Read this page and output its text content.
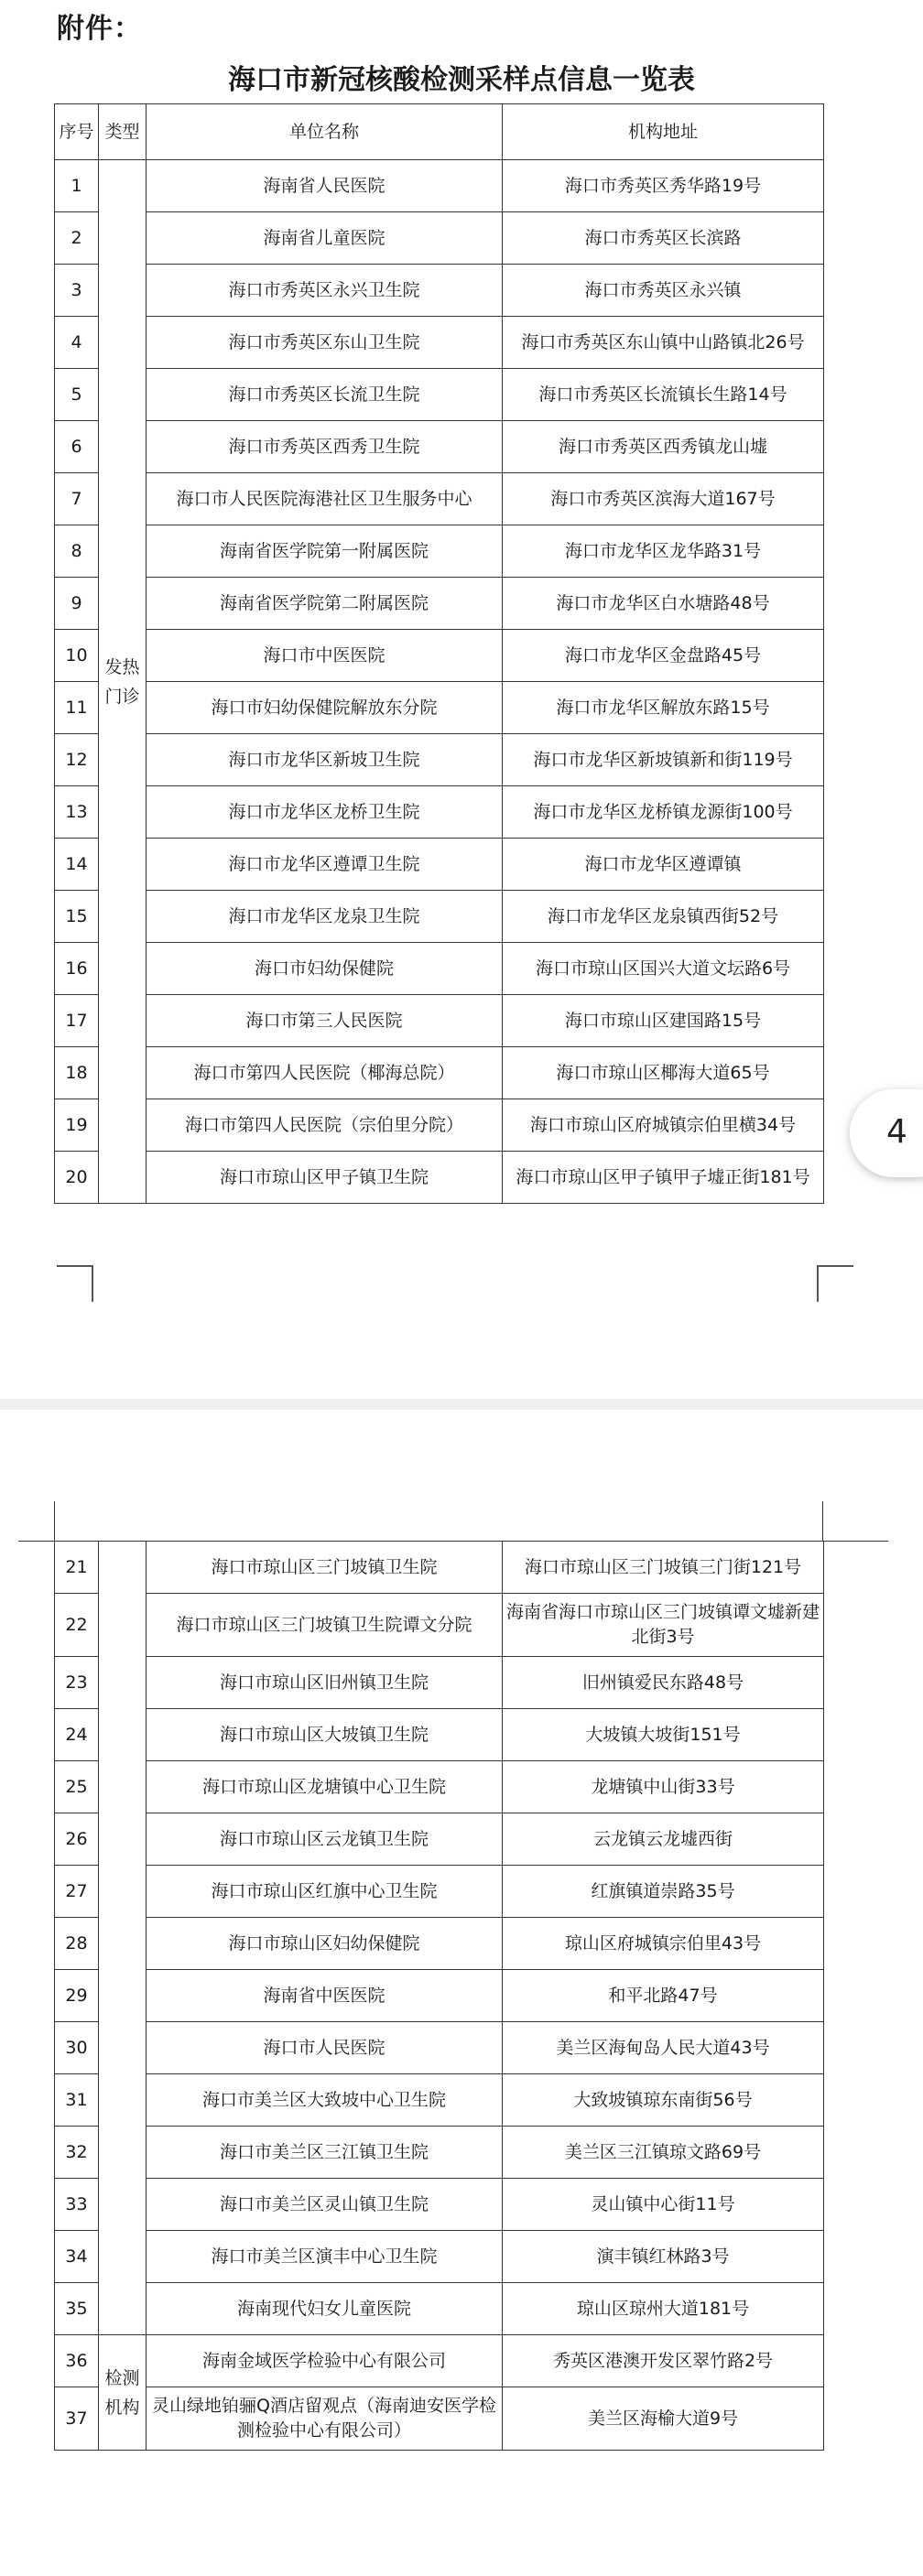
附件：
海口市新冠核酸检测采样点信息一览表
序号	类型	单位名称	机构地址
1	发热门诊	海南省人民医院	海口市秀英区秀华路19号
2		海南省儿童医院	海口市秀英区长滨路
3		海口市秀英区永兴卫生院	海口市秀英区永兴镇
4		海口市秀英区东山卫生院	海口市秀英区东山镇中山路镇北26号
5		海口市秀英区长流卫生院	海口市秀英区长流镇长生路14号
6		海口市秀英区西秀卫生院	海口市秀英区西秀镇龙山墟
7		海口市人民医院海港社区卫生服务中心	海口市秀英区滨海大道167号
8		海南省医学院第一附属医院	海口市龙华区龙华路31号
9		海南省医学院第二附属医院	海口市龙华区白水塘路48号
10		海口市中医医院	海口市龙华区金盘路45号
11		海口市妇幼保健院解放东分院	海口市龙华区解放东路15号
12		海口市龙华区新坡卫生院	海口市龙华区新坡镇新和街119号
13		海口市龙华区龙桥卫生院	海口市龙华区龙桥镇龙源街100号
14		海口市龙华区遵谭卫生院	海口市龙华区遵谭镇
15		海口市龙华区龙泉卫生院	海口市龙华区龙泉镇西街52号
16		海口市妇幼保健院	海口市琼山区国兴大道文坛路6号
17		海口市第三人民医院	海口市琼山区建国路15号
18		海口市第四人民医院（椰海总院）	海口市琼山区椰海大道65号
19		海口市第四人民医院（宗伯里分院）	海口市琼山区府城镇宗伯里横34号
20		海口市琼山区甲子镇卫生院	海口市琼山区甲子镇甲子墟正街181号
4
21		海口市琼山区三门坡镇卫生院	海口市琼山区三门坡镇三门街121号
22		海口市琼山区三门坡镇卫生院谭文分院	海南省海口市琼山区三门坡镇谭文墟新建北街3号
23		海口市琼山区旧州镇卫生院	旧州镇爱民东路48号
24		海口市琼山区大坡镇卫生院	大坡镇大坡街151号
25		海口市琼山区龙塘镇中心卫生院	龙塘镇中山街33号
26		海口市琼山区云龙镇卫生院	云龙镇云龙墟西街
27		海口市琼山区红旗中心卫生院	红旗镇道崇路35号
28		海口市琼山区妇幼保健院	琼山区府城镇宗伯里43号
29		海南省中医医院	和平北路47号
30		海口市人民医院	美兰区海甸岛人民大道43号
31		海口市美兰区大致坡中心卫生院	大致坡镇琼东南街56号
32		海口市美兰区三江镇卫生院	美兰区三江镇琼文路69号
33		海口市美兰区灵山镇卫生院	灵山镇中心街11号
34		海口市美兰区演丰中心卫生院	演丰镇红林路3号
35		海南现代妇女儿童医院	琼山区琼州大道181号
36	检测机构	海南金域医学检验中心有限公司	秀英区港澳开发区翠竹路2号
37		灵山绿地铂骊Q酒店留观点（海南迪安医学检测检验中心有限公司）	美兰区海榆大道9号
